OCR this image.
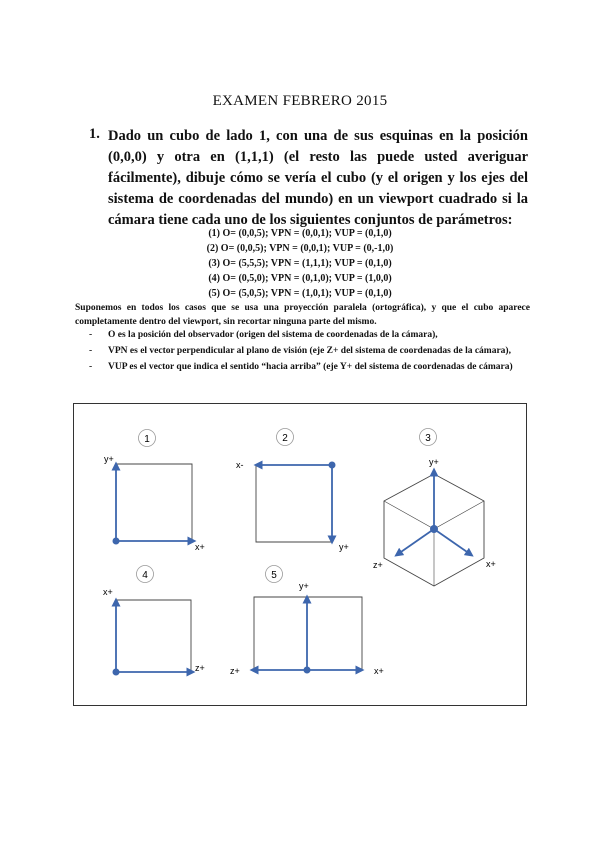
EXAMEN FEBRERO 2015
1. Dado un cubo de lado 1, con una de sus esquinas en la posición (0,0,0) y otra en (1,1,1) (el resto las puede usted averiguar fácilmente), dibuje cómo se vería el cubo (y el origen y los ejes del sistema de coordenadas del mundo) en un viewport cuadrado si la cámara tiene cada uno de los siguientes conjuntos de parámetros:
(1) O= (0,0,5); VPN = (0,0,1); VUP = (0,1,0)
(2) O= (0,0,5); VPN = (0,0,1); VUP = (0,-1,0)
(3) O= (5,5,5); VPN = (1,1,1); VUP = (0,1,0)
(4) O= (0,5,0); VPN = (0,1,0); VUP = (1,0,0)
(5) O= (5,0,5); VPN = (1,0,1); VUP = (0,1,0)
Suponemos en todos los casos que se usa una proyección paralela (ortográfica), y que el cubo aparece completamente dentro del viewport, sin recortar ninguna parte del mismo.
- O es la posición del observador (origen del sistema de coordenadas de la cámara),
- VPN es el vector perpendicular al plano de visión (eje Z+ del sistema de coordenadas de la cámara),
- VUP es el vector que indica el sentido “hacia arriba” (eje Y+ del sistema de coordenadas de cámara)
1
y+
x+
2
x-
y+
3
y+
z+	x+
4
x+
z+
5
y+
z+	x+
